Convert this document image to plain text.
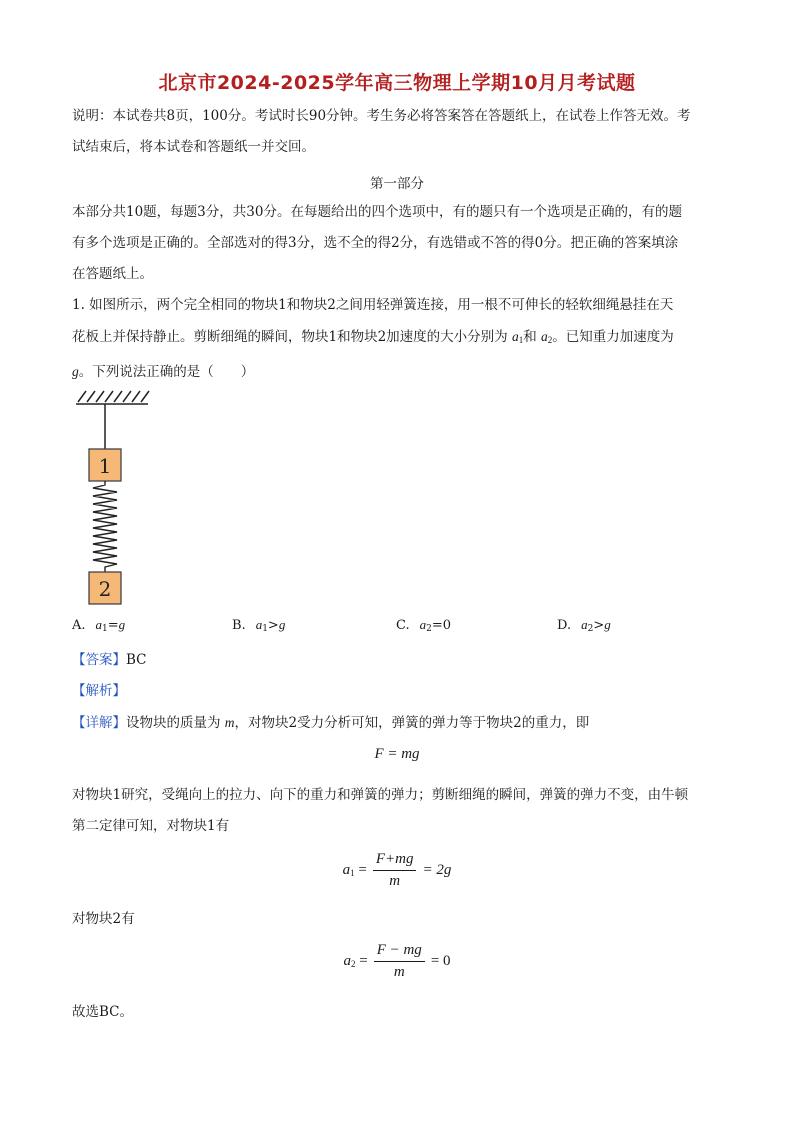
北京市2024-2025学年高三物理上学期10月月考试题
说明：本试卷共8页，100分。考试时长90分钟。考生务必将答案答在答题纸上，在试卷上作答无效。考
试结束后，将本试卷和答题纸一并交回。
第一部分
本部分共10题，每题3分，共30分。在每题给出的四个选项中，有的题只有一个选项是正确的，有的题
有多个选项是正确的。全部选对的得3分，选不全的得2分，有选错或不答的得0分。把正确的答案填涂
在答题纸上。
1. 如图所示，两个完全相同的物块1和物块2之间用轻弹簧连接，用一根不可伸长的轻软细绳悬挂在天
花板上并保持静止。剪断细绳的瞬间，物块1和物块2加速度的大小分别为 $a_1$和 $a_2$。已知重力加速度为
g。下列说法正确的是（　　）
1
2
A. $a_1=g$	B. $a_1>g$	C. $a_2=0$	D. $a_2>g$
【答案】BC
【解析】
【详解】设物块的质量为 m，对物块2受力分析可知，弹簧的弹力等于物块2的重力，即
F = mg
对物块1研究，受绳向上的拉力、向下的重力和弹簧的弹力；剪断细绳的瞬间，弹簧的弹力不变，由牛顿
第二定律可知，对物块1有
$a_1 = \frac{F+mg}{m} = 2g$
对物块2有
$a_2 = \frac{F - mg}{m} = 0$
故选BC。
